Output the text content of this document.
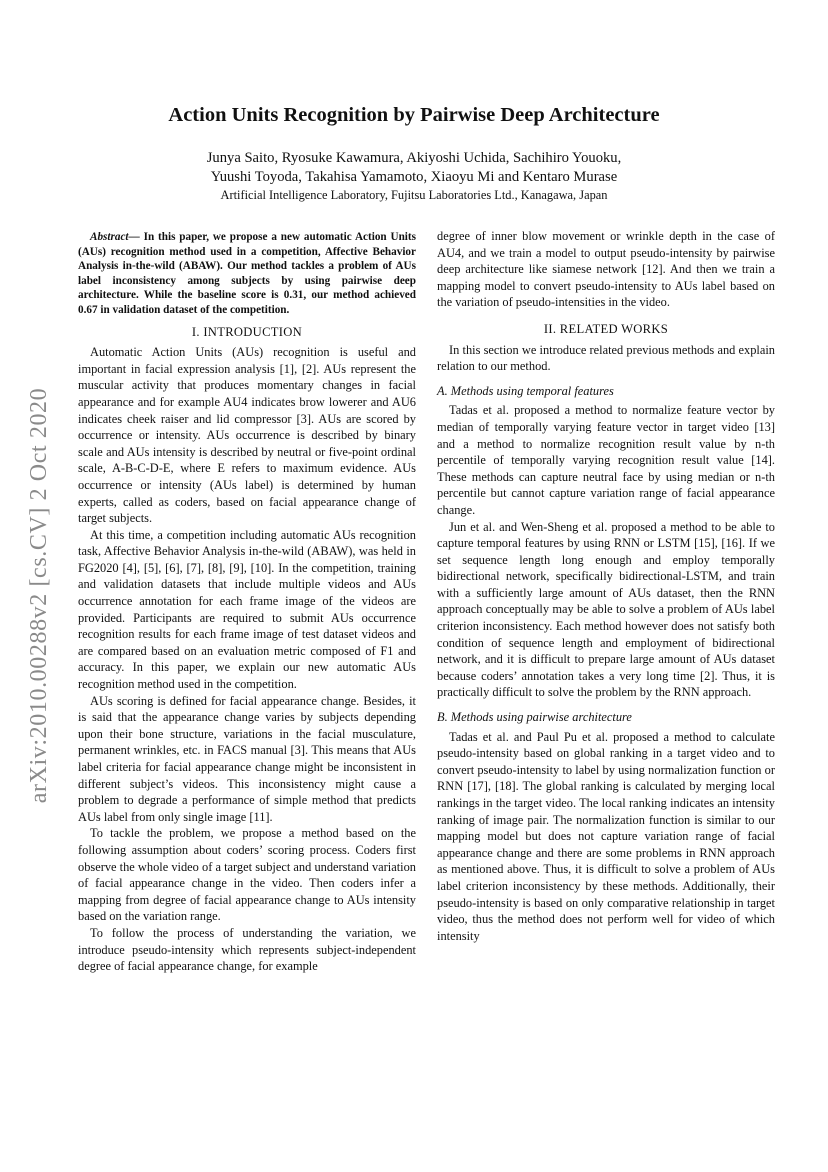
arXiv:2010.00288v2 [cs.CV] 2 Oct 2020
Action Units Recognition by Pairwise Deep Architecture
Junya Saito, Ryosuke Kawamura, Akiyoshi Uchida, Sachihiro Youoku,
Yuushi Toyoda, Takahisa Yamamoto, Xiaoyu Mi and Kentaro Murase
Artificial Intelligence Laboratory, Fujitsu Laboratories Ltd., Kanagawa, Japan
Abstract— In this paper, we propose a new automatic Action Units (AUs) recognition method used in a competition, Affective Behavior Analysis in-the-wild (ABAW). Our method tackles a problem of AUs label inconsistency among subjects by using pairwise deep architecture. While the baseline score is 0.31, our method achieved 0.67 in validation dataset of the competition.
I. INTRODUCTION

Automatic Action Units (AUs) recognition is useful and important in facial expression analysis [1], [2]. AUs represent the muscular activity that produces momentary changes in facial appearance and for example AU4 indicates brow lowerer and AU6 indicates cheek raiser and lid compressor [3]. AUs are scored by occurrence or intensity. AUs occurrence is described by binary scale and AUs intensity is described by neutral or five-point ordinal scale, A-B-C-D-E, where E refers to maximum evidence. AUs occurrence or intensity (AUs label) is determined by human experts, called as coders, based on facial appearance change of target subjects.

At this time, a competition including automatic AUs recognition task, Affective Behavior Analysis in-the-wild (ABAW), was held in FG2020 [4], [5], [6], [7], [8], [9], [10]. In the competition, training and validation datasets that include multiple videos and AUs occurrence annotation for each frame image of the videos are provided. Participants are required to submit AUs occurrence recognition results for each frame image of test dataset videos and are compared based on an evaluation metric composed of F1 and accuracy. In this paper, we explain our new automatic AUs recognition method used in the competition.

AUs scoring is defined for facial appearance change. Besides, it is said that the appearance change varies by subjects depending upon their bone structure, variations in the facial musculature, permanent wrinkles, etc. in FACS manual [3]. This means that AUs label criteria for facial appearance change might be inconsistent in different subject’s videos. This inconsistency might cause a problem to degrade a performance of simple method that predicts AUs label from only single image [11].

To tackle the problem, we propose a method based on the following assumption about coders’ scoring process. Coders first observe the whole video of a target subject and understand variation of facial appearance change in the video. Then coders infer a mapping from degree of facial appearance change to AUs intensity based on the variation range.

To follow the process of understanding the variation, we introduce pseudo-intensity which represents subject-independent degree of facial appearance change, for example

degree of inner blow movement or wrinkle depth in the case of AU4, and we train a model to output pseudo-intensity by pairwise deep architecture like siamese network [12]. And then we train a mapping model to convert pseudo-intensity to AUs label based on the variation of pseudo-intensities in the video.

II. RELATED WORKS

In this section we introduce related previous methods and explain relation to our method.

A. Methods using temporal features

Tadas et al. proposed a method to normalize feature vector by median of temporally varying feature vector in target video [13] and a method to normalize recognition result value by n-th percentile of temporally varying recognition result value [14]. These methods can capture neutral face by using median or n-th percentile but cannot capture variation range of facial appearance change.

Jun et al. and Wen-Sheng et al. proposed a method to be able to capture temporal features by using RNN or LSTM [15], [16]. If we set sequence length long enough and employ temporally bidirectional network, specifically bidirectional-LSTM, and train with a sufficiently large amount of AUs dataset, then the RNN approach conceptually may be able to solve a problem of AUs label criterion inconsistency. Each method however does not satisfy both condition of sequence length and employment of bidirectional network, and it is difficult to prepare large amount of AUs dataset because coders’ annotation takes a very long time [2]. Thus, it is practically difficult to solve the problem by the RNN approach.

B. Methods using pairwise architecture

Tadas et al. and Paul Pu et al. proposed a method to calculate pseudo-intensity based on global ranking in a target video and to convert pseudo-intensity to label by using normalization function or RNN [17], [18]. The global ranking is calculated by merging local rankings in the target video. The local ranking indicates an intensity ranking of image pair. The normalization function is similar to our mapping model but does not capture variation range of facial appearance change and there are some problems in RNN approach as mentioned above. Thus, it is difficult to solve a problem of AUs label criterion inconsistency by these methods. Additionally, their pseudo-intensity is based on only comparative relationship in target video, thus the method does not perform well for video of which intensity
